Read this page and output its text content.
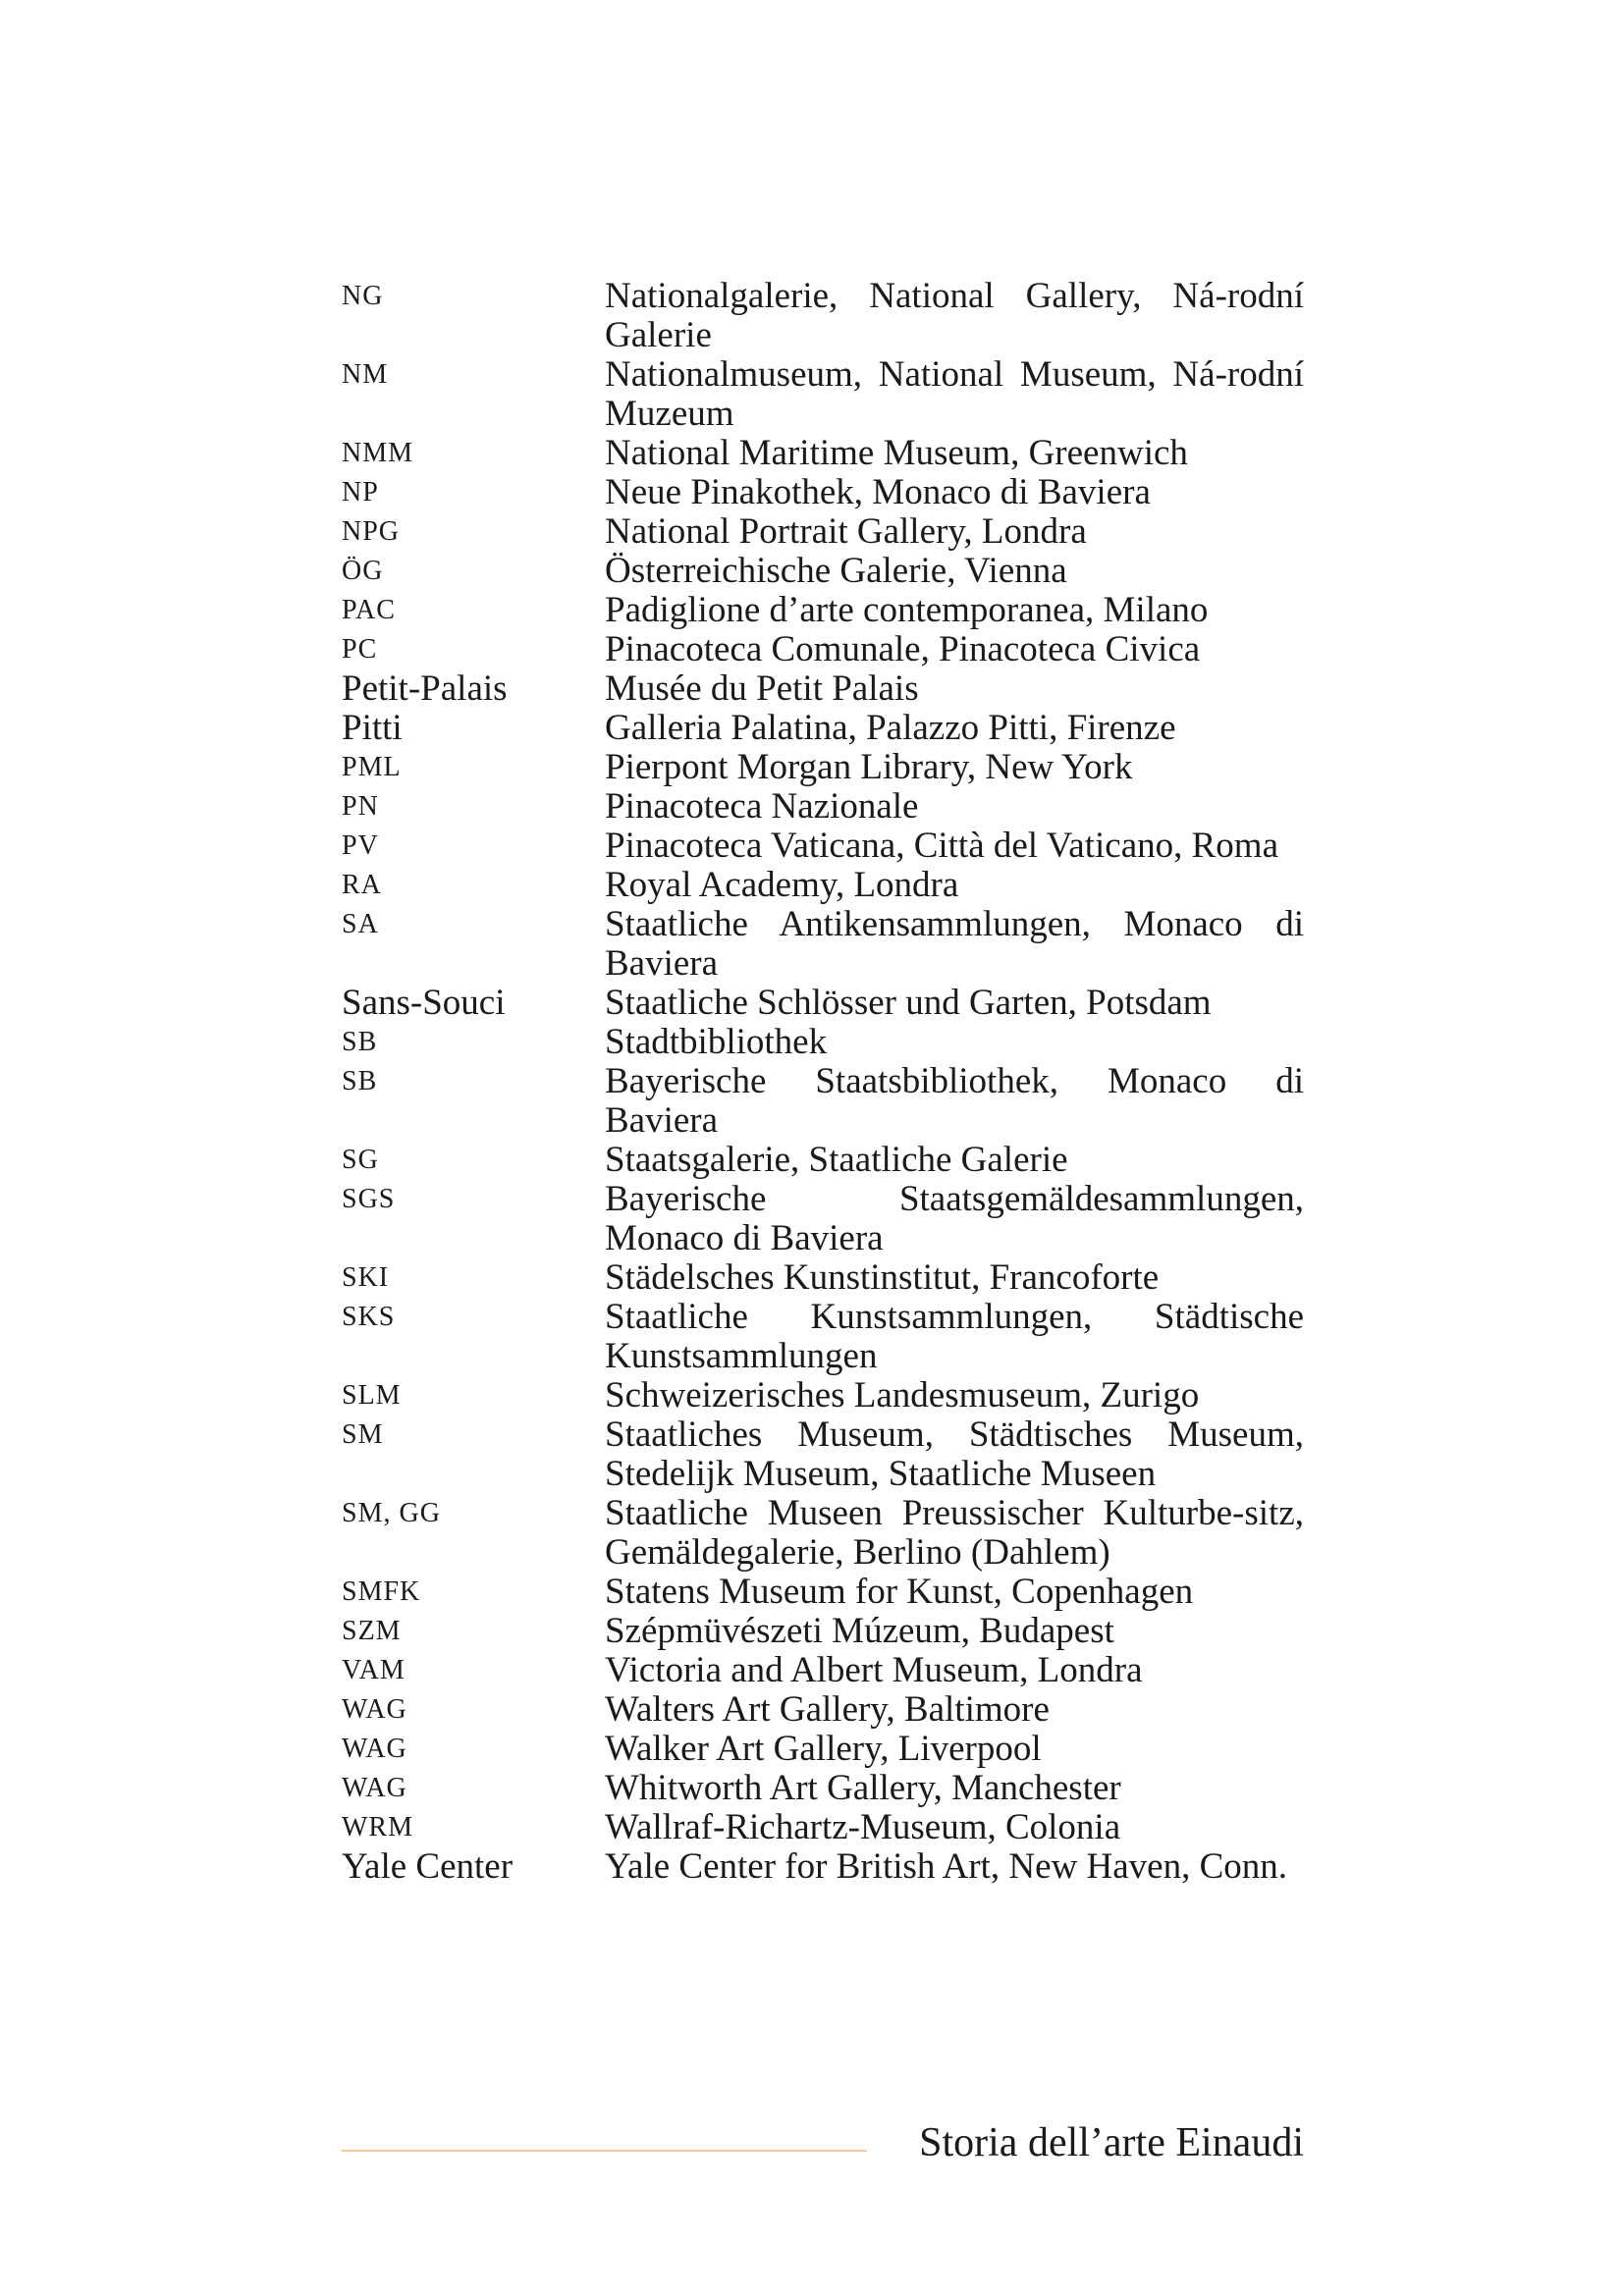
NG	Nationalgalerie, National Gallery, Ná-rodní Galerie
NM	Nationalmuseum, National Museum, Ná-rodní Muzeum
NMM	National Maritime Museum, Greenwich
NP	Neue Pinakothek, Monaco di Baviera
NPG	National Portrait Gallery, Londra
ÖG	Österreichische Galerie, Vienna
PAC	Padiglione d’arte contemporanea, Milano
PC	Pinacoteca Comunale, Pinacoteca Civica
Petit-Palais	Musée du Petit Palais
Pitti	Galleria Palatina, Palazzo Pitti, Firenze
PML	Pierpont Morgan Library, New York
PN	Pinacoteca Nazionale
PV	Pinacoteca Vaticana, Città del Vaticano, Roma
RA	Royal Academy, Londra
SA	Staatliche Antikensammlungen, Monaco di Baviera
Sans-Souci	Staatliche Schlösser und Garten, Potsdam
SB	Stadtbibliothek
SB	Bayerische Staatsbibliothek, Monaco di Baviera
SG	Staatsgalerie, Staatliche Galerie
SGS	Bayerische Staatsgemäldesammlungen, Monaco di Baviera
SKI	Städelsches Kunstinstitut, Francoforte
SKS	Staatliche Kunstsammlungen, Städtische Kunstsammlungen
SLM	Schweizerisches Landesmuseum, Zurigo
SM	Staatliches Museum, Städtisches Museum, Stedelijk Museum, Staatliche Museen
SM, GG	Staatliche Museen Preussischer Kulturbe-sitz, Gemäldegalerie, Berlino (Dahlem)
SMFK	Statens Museum for Kunst, Copenhagen
SZM	Szépmüvészeti Múzeum, Budapest
VAM	Victoria and Albert Museum, Londra
WAG	Walters Art Gallery, Baltimore
WAG	Walker Art Gallery, Liverpool
WAG	Whitworth Art Gallery, Manchester
WRM	Wallraf-Richartz-Museum, Colonia
Yale Center	Yale Center for British Art, New Haven, Conn.
Storia dell’arte Einaudi
